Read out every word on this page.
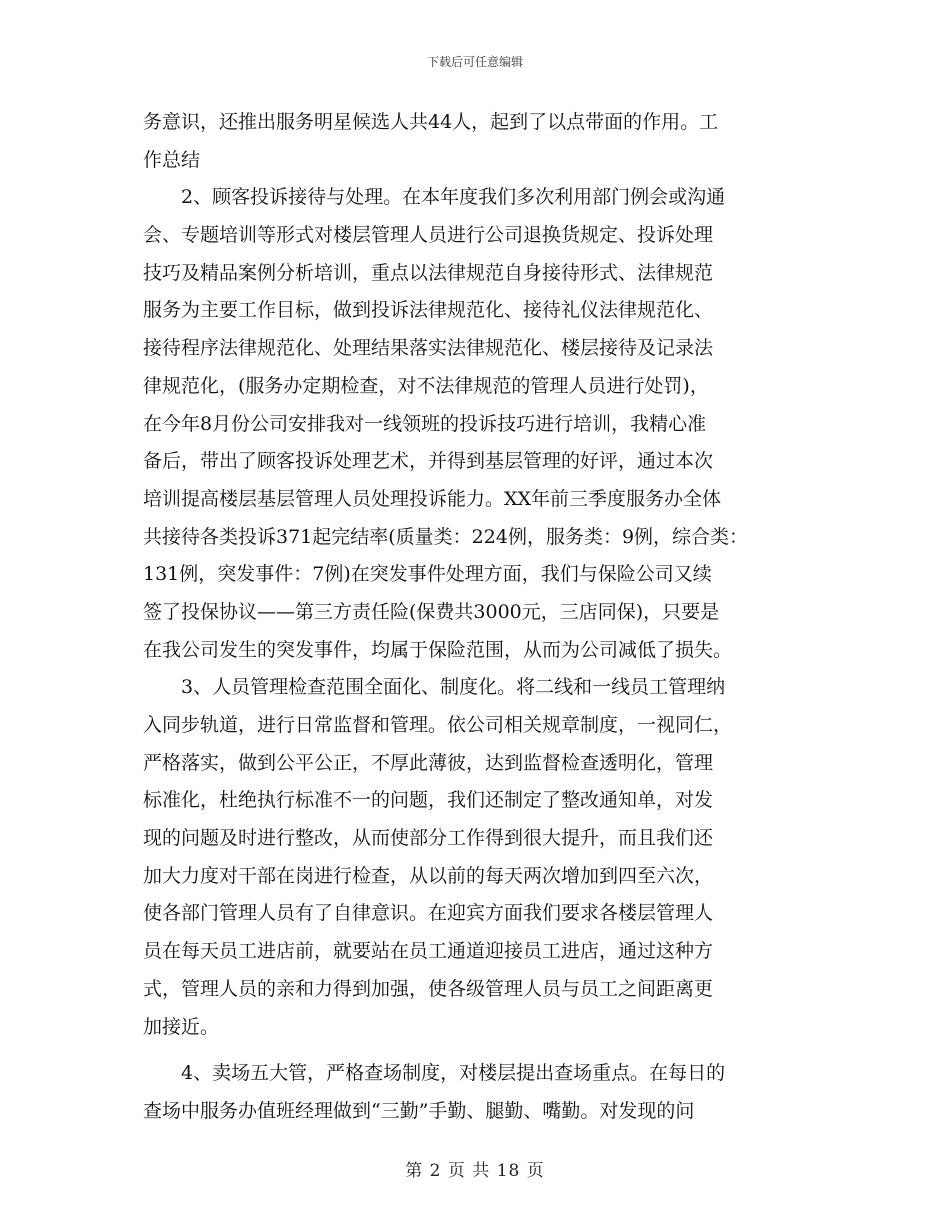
下载后可任意编辑
务意识，还推出服务明星候选人共44人，起到了以点带面的作用。工
作总结
2、顾客投诉接待与处理。在本年度我们多次利用部门例会或沟通
会、专题培训等形式对楼层管理人员进行公司退换货规定、投诉处理
技巧及精品案例分析培训，重点以法律规范自身接待形式、法律规范
服务为主要工作目标，做到投诉法律规范化、接待礼仪法律规范化、
接待程序法律规范化、处理结果落实法律规范化、楼层接待及记录法
律规范化，(服务办定期检查，对不法律规范的管理人员进行处罚)，
在今年8月份公司安排我对一线领班的投诉技巧进行培训，我精心准
备后，带出了顾客投诉处理艺术，并得到基层管理的好评，通过本次
培训提高楼层基层管理人员处理投诉能力。XX年前三季度服务办全体
共接待各类投诉371起完结率(质量类：224例，服务类：9例，综合类：
131例，突发事件：7例)在突发事件处理方面，我们与保险公司又续
签了投保协议——第三方责任险(保费共3000元，三店同保)，只要是
在我公司发生的突发事件，均属于保险范围，从而为公司减低了损失。
3、人员管理检查范围全面化、制度化。将二线和一线员工管理纳
入同步轨道，进行日常监督和管理。依公司相关规章制度，一视同仁，
严格落实，做到公平公正，不厚此薄彼，达到监督检查透明化，管理
标准化，杜绝执行标准不一的问题，我们还制定了整改通知单，对发
现的问题及时进行整改，从而使部分工作得到很大提升，而且我们还
加大力度对干部在岗进行检查，从以前的每天两次增加到四至六次，
使各部门管理人员有了自律意识。在迎宾方面我们要求各楼层管理人
员在每天员工进店前，就要站在员工通道迎接员工进店，通过这种方
式，管理人员的亲和力得到加强，使各级管理人员与员工之间距离更
加接近。
4、卖场五大管，严格查场制度，对楼层提出查场重点。在每日的
查场中服务办值班经理做到“三勤”手勤、腿勤、嘴勤。对发现的问
第 2 页 共 18 页
